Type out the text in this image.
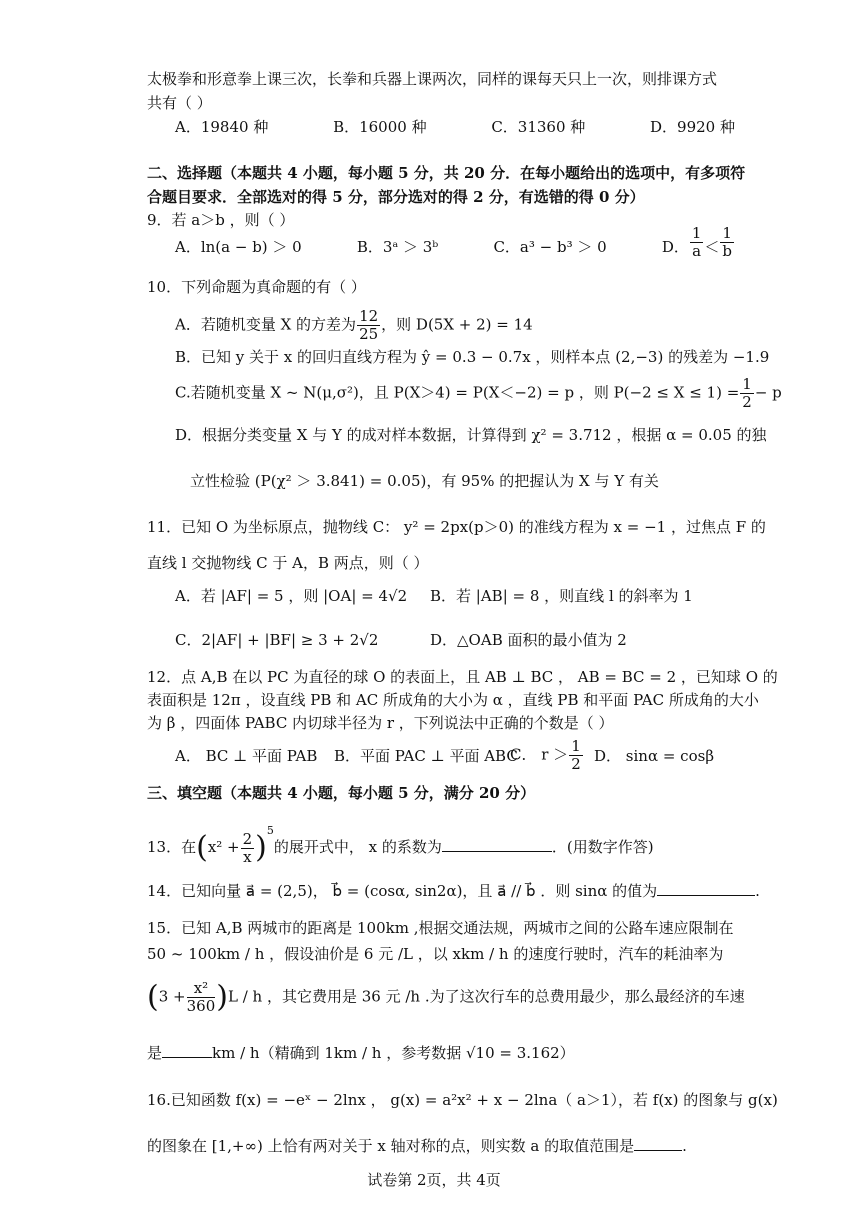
太极拳和形意拳上课三次，长拳和兵器上课两次，同样的课每天只上一次，则排课方式
共有（ ）
A．19840 种	B．16000 种	C．31360 种	D．9920 种
二、选择题（本题共 4 小题，每小题 5 分，共 20 分．在每小题给出的选项中，有多项符
合题目要求．全部选对的得 5 分，部分选对的得 2 分，有选错的得 0 分）
9．若 a＞b ，则（ ）
A．ln(a − b) ＞ 0	B．3ᵃ ＞ 3ᵇ	C．a³ − b³ ＞ 0	D． $\frac{1}{a} < \frac{1}{b}$
10．下列命题为真命题的有（ ）
A．若随机变量 X 的方差为 $\frac{12}{25}$ ，则 D(5X + 2) = 14
B．已知 y 关于 x 的回归直线方程为 ŷ = 0.3 − 0.7x ，则样本点 (2,−3) 的残差为 −1.9
C.若随机变量 X ~ N(μ,σ²)，且 P(X＞4) = P(X＜−2) = p ，则 $P(-2 \le X \le 1) = \frac{1}{2} - p$
D．根据分类变量 X 与 Y 的成对样本数据，计算得到 χ² = 3.712 ，根据 α = 0.05 的独
立性检验 (P(χ² ＞ 3.841) = 0.05)，有 95% 的把握认为 X 与 Y 有关
11．已知 O 为坐标原点，抛物线 C： y² = 2px(p＞0) 的准线方程为 x = −1 ，过焦点 F 的
直线 l 交抛物线 C 于 A，B 两点，则（ ）
A．若 |AF| = 5 ，则 |OA| = 4√2 B．若 |AB| = 8 ，则直线 l 的斜率为 1
C．2|AF| + |BF| ≥ 3 + 2√2	D．△OAB 面积的最小值为 2
12．点 A,B 在以 PC 为直径的球 O 的表面上，且 AB ⊥ BC ， AB = BC = 2 ，已知球 O 的
表面积是 12π ，设直线 PB 和 AC 所成角的大小为 α ，直线 PB 和平面 PAC 所成角的大小
为 β ，四面体 PABC 内切球半径为 r ，下列说法中正确的个数是（ ）
A． BC ⊥ 平面 PAB B．平面 PAC ⊥ 平面 ABC
C． $r > \frac{1}{2}$ D． sinα = cosβ
三、填空题（本题共 4 小题，每小题 5 分，满分 20 分）
13．在$(x^2 + \frac{2}{x} )^5$的展开式中， x 的系数为	．(用数字作答)
14．已知向量 a⃗ = (2,5)， b⃗ = (cosα, sin2α)，且 a⃗ // b⃗ ．则 sinα 的值为	.
15．已知 A,B 两城市的距离是 100km ,根据交通法规，两城市之间的公路车速应限制在
50 ~ 100km / h ，假设油价是 6 元 /L ，以 xkm / h 的速度行驶时，汽车的耗油率为
$(3 + \frac{\text{x²}}{360} )L / h$ ，其它费用是 36 元 /h .为了这次行车的总费用最少，那么最经济的车速
是	km / h（精确到 1km / h ，参考数据 √10 = 3.162）
16.已知函数 f(x) = −eˣ − 2lnx ， g(x) = a²x² + x − 2lna（ a＞1），若 f(x) 的图象与 g(x)
的图象在 [1,+∞) 上恰有两对关于 x 轴对称的点，则实数 a 的取值范围是	.
试卷第 2页，共 4页
